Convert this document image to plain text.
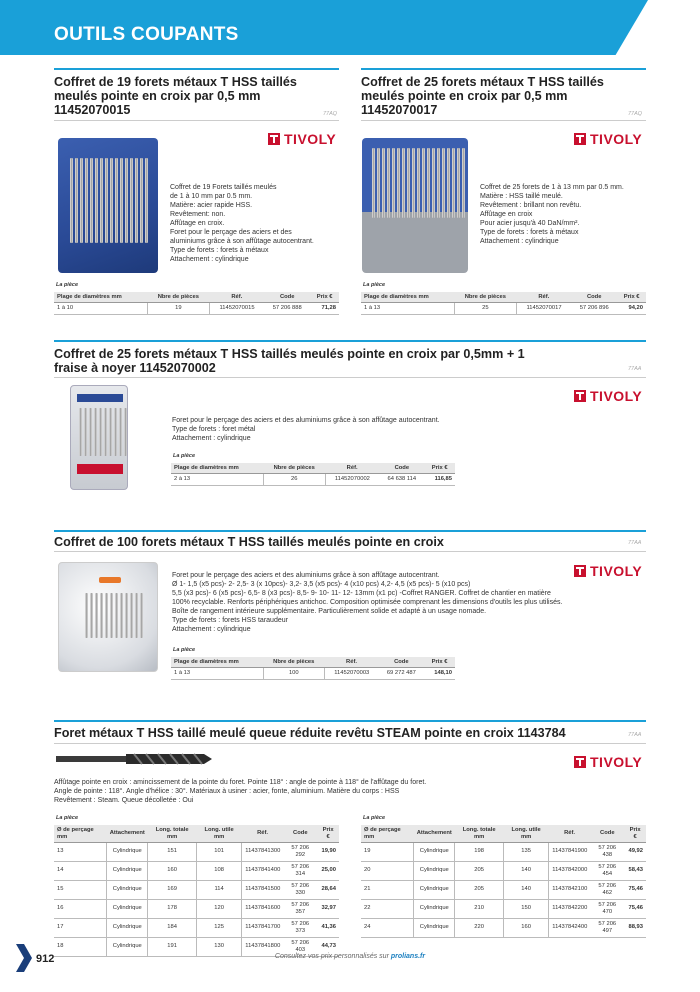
OUTILS COUPANTS
Coffret de 19 forets métaux T HSS taillés meulés pointe en croix par 0,5 mm 11452070015	77AQ
TIVOLY
Coffret de 19 Forets taillés meulés
de 1 à 10 mm par 0.5 mm.
Matière: acier rapide HSS.
Revêtement: non.
Affûtage en croix.
Foret pour le perçage des aciers et des
aluminiums grâce à son affûtage autocentrant.
Type de forets : forets à métaux
Attachement : cylindrique
La pièce
Plage de diamètres mm	Nbre de pièces	Réf.	Code	Prix €
1 à 10	19	11452070015	57 206 888	71,28
Coffret de 25 forets métaux T HSS taillés meulés pointe en croix par 0,5 mm 11452070017	77AQ
TIVOLY
Coffret de 25 forets de 1 à 13 mm par 0.5 mm.
Matière : HSS taillé meulé.
Revêtement : brillant non revêtu.
Affûtage en croix
Pour acier jusqu'à 40 DaN/mm².
Type de forets : forets à métaux
Attachement : cylindrique
La pièce
Plage de diamètres mm	Nbre de pièces	Réf.	Code	Prix €
1 à 13	25	11452070017	57 206 896	94,20
Coffret de 25 forets métaux T HSS taillés meulés pointe en croix par 0,5mm + 1 fraise à noyer 11452070002	77AA
TIVOLY
Foret pour le perçage des aciers et des aluminiums grâce à son affûtage autocentrant.
Type de forets : foret métal
Attachement : cylindrique
La pièce
Plage de diamètres mm	Nbre de pièces	Réf.	Code	Prix €
2 à 13	26	11452070002	64 638 114	116,85
Coffret de 100 forets métaux T HSS taillés meulés pointe en croix	77AA
TIVOLY
Foret pour le perçage des aciers et des aluminiums grâce à son affûtage autocentrant.
Ø 1- 1,5 (x5 pcs)- 2- 2,5- 3 (x 10pcs)- 3,2- 3,5 (x5 pcs)- 4 (x10 pcs) 4,2- 4,5 (x5 pcs)- 5 (x10 pcs)
5,5 (x3 pcs)- 6 (x5 pcs)- 6,5- 8 (x3 pcs)- 8,5- 9- 10- 11- 12- 13mm (x1 pc) -Coffret RANGER. Coffret de chantier en matière
100% recyclable. Renforts périphériques antichoc. Composition optimisée comprenant les dimensions d'outils les plus utilisés.
Boîte de rangement intérieure supplémentaire. Particulièrement solide et adapté à un usage nomade.
Type de forets : forets HSS taraudeur
Attachement : cylindrique
La pièce
Plage de diamètres mm	Nbre de pièces	Réf.	Code	Prix €
1 à 13	100	11452070003	69 272 487	148,10
Foret métaux T HSS taillé meulé queue réduite revêtu STEAM pointe en croix 1143784	77AA
TIVOLY
Affûtage pointe en croix : amincissement de la pointe du foret. Pointe 118° : angle de pointe à 118° de l'affûtage du foret.
Angle de pointe : 118°. Angle d'hélice : 30°. Matériaux à usiner : acier, fonte, aluminium. Matière du corps : HSS
Revêtement : Steam. Queue décolletée : Oui
La pièce
Ø de perçage mm	Attachement	Long. totale mm	Long. utile mm	Réf.	Code	Prix €
13	Cylindrique	151	101	11437841300	57 206 292	19,90
14	Cylindrique	160	108	11437841400	57 206 314	25,00
15	Cylindrique	169	114	11437841500	57 206 330	28,64
16	Cylindrique	178	120	11437841600	57 206 357	32,97
17	Cylindrique	184	125	11437841700	57 206 373	41,36
18	Cylindrique	191	130	11437841800	57 206 403	44,73
La pièce
Ø de perçage mm	Attachement	Long. totale mm	Long. utile mm	Réf.	Code	Prix €
19	Cylindrique	198	135	11437841900	57 206 438	49,92
20	Cylindrique	205	140	11437842000	57 206 454	58,43
21	Cylindrique	205	140	11437842100	57 206 462	75,46
22	Cylindrique	210	150	11437842200	57 206 470	75,46
24	Cylindrique	220	160	11437842400	57 206 497	88,93
912	Consultez vos prix personnalisés sur prolians.fr
